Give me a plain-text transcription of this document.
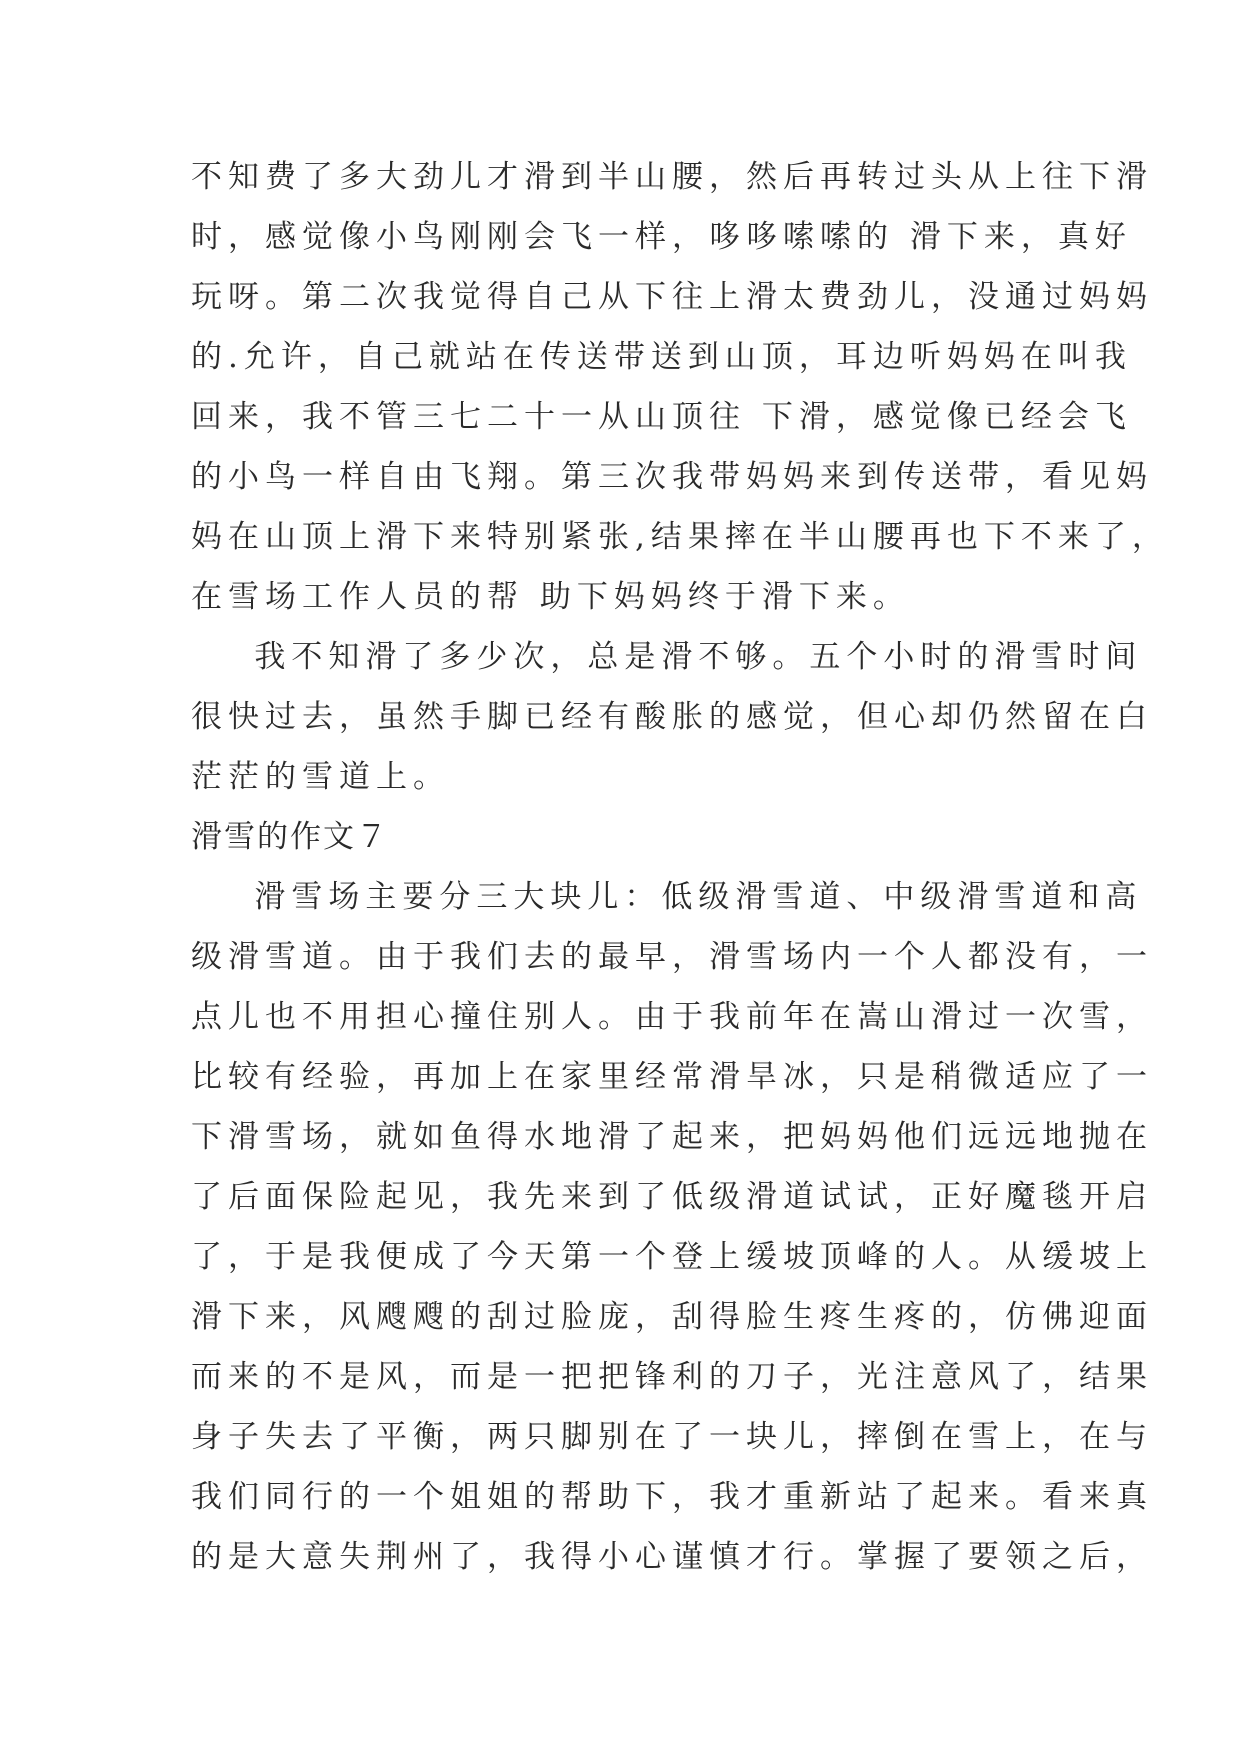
不知费了多大劲儿才滑到半山腰，然后再转过头从上往下滑
时，感觉像小鸟刚刚会飞一样，哆哆嗦嗦的 滑下来，真好
玩呀。第二次我觉得自己从下往上滑太费劲儿，没通过妈妈
的.允许，自己就站在传送带送到山顶，耳边听妈妈在叫我
回来，我不管三七二十一从山顶往 下滑，感觉像已经会飞
的小鸟一样自由飞翔。第三次我带妈妈来到传送带，看见妈
妈在山顶上滑下来特别紧张,结果摔在半山腰再也下不来了，
在雪场工作人员的帮 助下妈妈终于滑下来。
我不知滑了多少次，总是滑不够。五个小时的滑雪时间
很快过去，虽然手脚已经有酸胀的感觉，但心却仍然留在白
茫茫的雪道上。
滑雪的作文７
滑雪场主要分三大块儿：低级滑雪道、中级滑雪道和高
级滑雪道。由于我们去的最早，滑雪场内一个人都没有，一
点儿也不用担心撞住别人。由于我前年在嵩山滑过一次雪，
比较有经验，再加上在家里经常滑旱冰，只是稍微适应了一
下滑雪场，就如鱼得水地滑了起来，把妈妈他们远远地抛在
了后面保险起见，我先来到了低级滑道试试，正好魔毯开启
了，于是我便成了今天第一个登上缓坡顶峰的人。从缓坡上
滑下来，风飕飕的刮过脸庞，刮得脸生疼生疼的，仿佛迎面
而来的不是风，而是一把把锋利的刀子，光注意风了，结果
身子失去了平衡，两只脚别在了一块儿，摔倒在雪上，在与
我们同行的一个姐姐的帮助下，我才重新站了起来。看来真
的是大意失荆州了，我得小心谨慎才行。掌握了要领之后，
